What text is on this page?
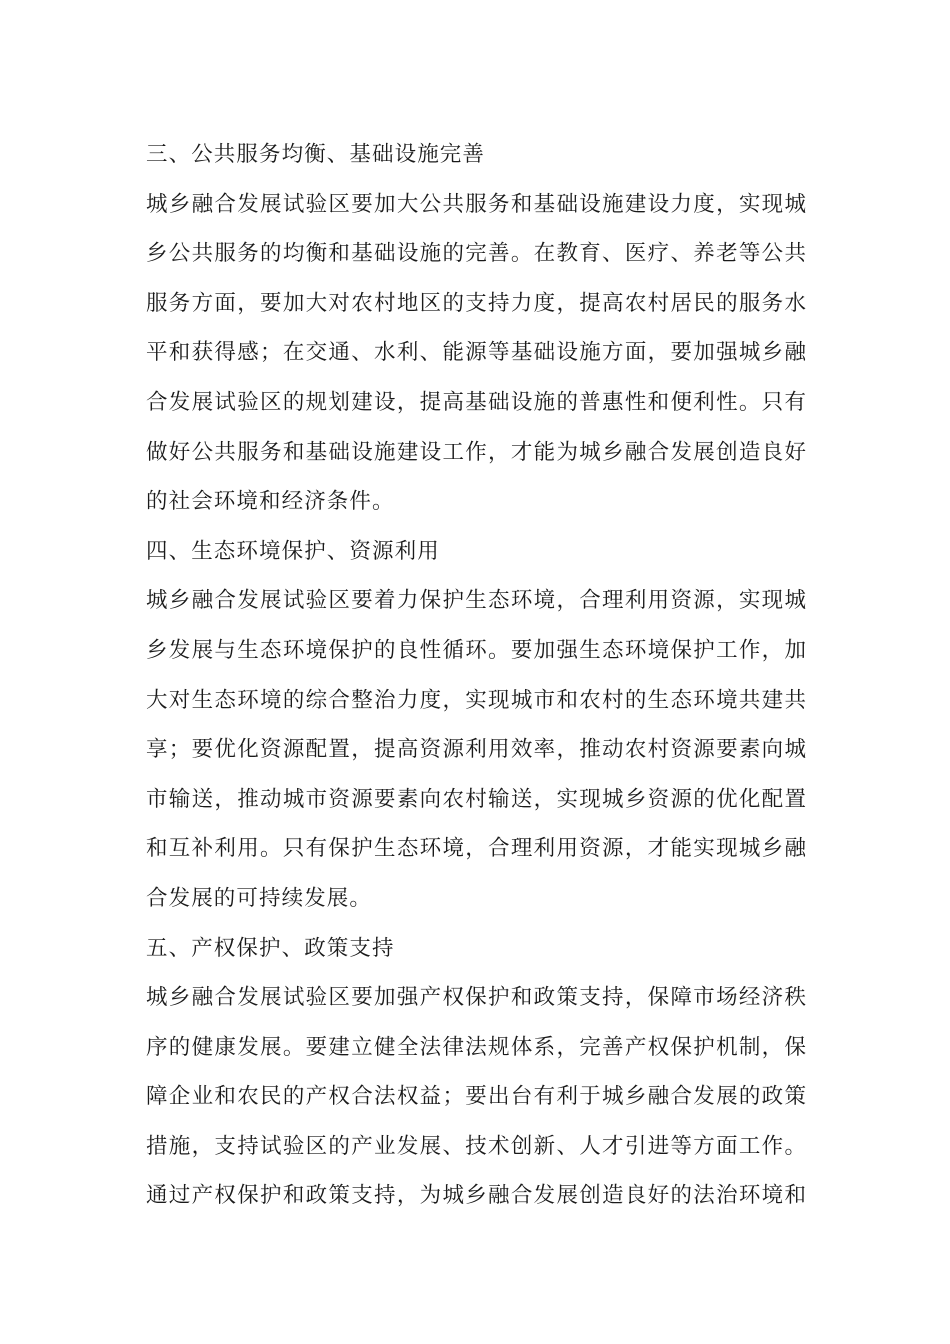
三、公共服务均衡、基础设施完善
城乡融合发展试验区要加大公共服务和基础设施建设力度，实现城
乡公共服务的均衡和基础设施的完善。在教育、医疗、养老等公共
服务方面，要加大对农村地区的支持力度，提高农村居民的服务水
平和获得感；在交通、水利、能源等基础设施方面，要加强城乡融
合发展试验区的规划建设，提高基础设施的普惠性和便利性。只有
做好公共服务和基础设施建设工作，才能为城乡融合发展创造良好
的社会环境和经济条件。
四、生态环境保护、资源利用
城乡融合发展试验区要着力保护生态环境，合理利用资源，实现城
乡发展与生态环境保护的良性循环。要加强生态环境保护工作，加
大对生态环境的综合整治力度，实现城市和农村的生态环境共建共
享；要优化资源配置，提高资源利用效率，推动农村资源要素向城
市输送，推动城市资源要素向农村输送，实现城乡资源的优化配置
和互补利用。只有保护生态环境，合理利用资源，才能实现城乡融
合发展的可持续发展。
五、产权保护、政策支持
城乡融合发展试验区要加强产权保护和政策支持，保障市场经济秩
序的健康发展。要建立健全法律法规体系，完善产权保护机制，保
障企业和农民的产权合法权益；要出台有利于城乡融合发展的政策
措施，支持试验区的产业发展、技术创新、人才引进等方面工作。
通过产权保护和政策支持，为城乡融合发展创造良好的法治环境和
